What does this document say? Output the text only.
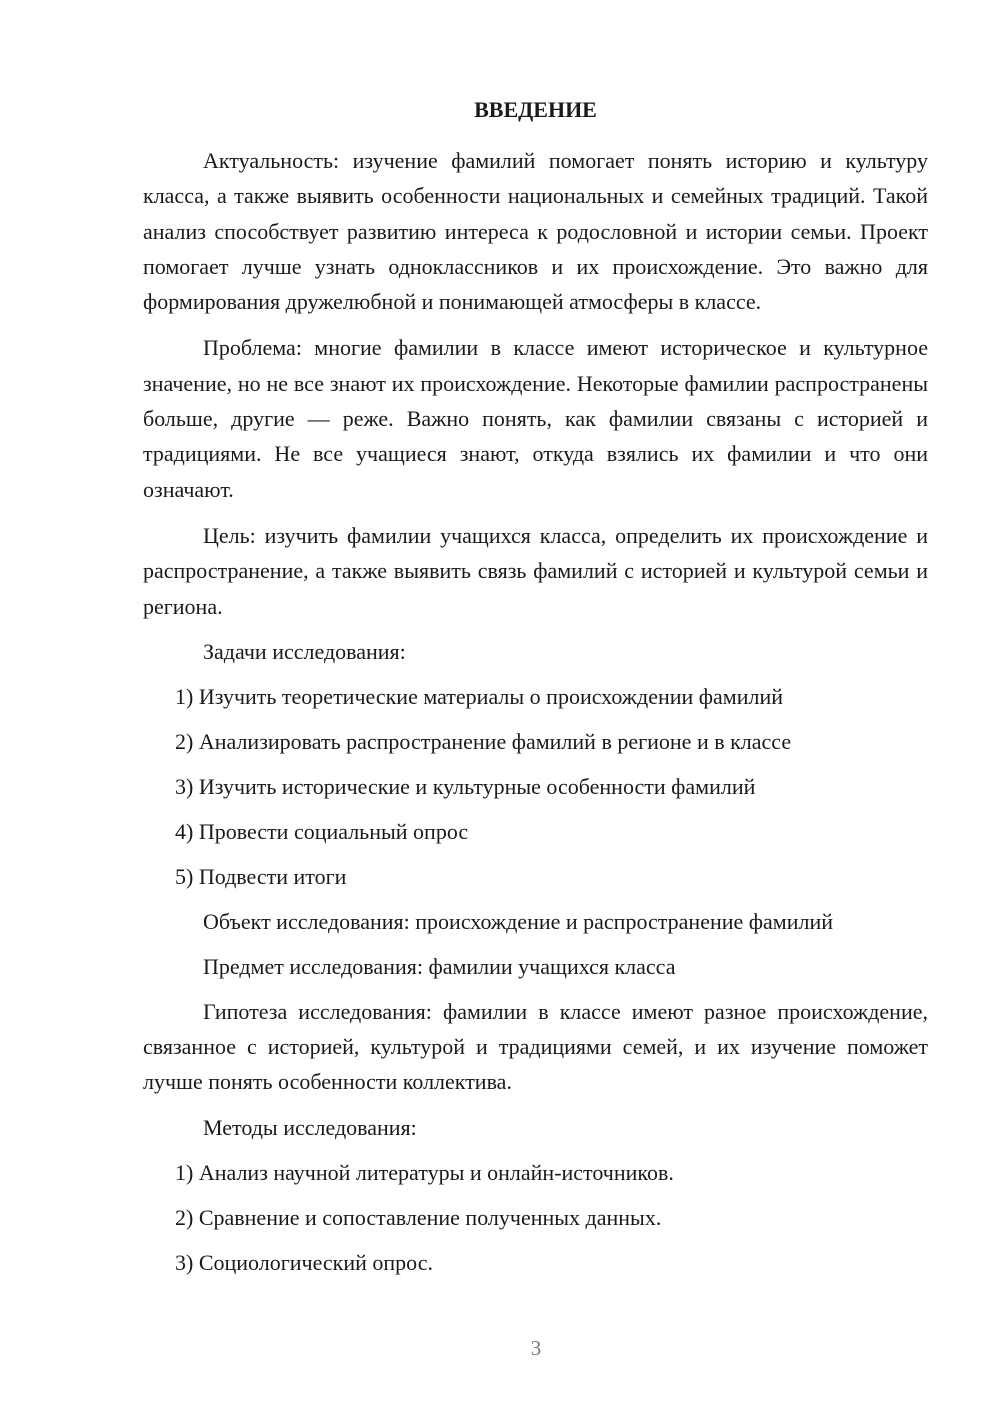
ВВЕДЕНИЕ

Актуальность: изучение фамилий помогает понять историю и культуру класса, а также выявить особенности национальных и семейных традиций. Такой анализ способствует развитию интереса к родословной и истории семьи. Проект помогает лучше узнать одноклассников и их происхождение. Это важно для формирования дружелюбной и понимающей атмосферы в классе.

Проблема: многие фамилии в классе имеют историческое и культурное значение, но не все знают их происхождение. Некоторые фамилии распространены больше, другие — реже. Важно понять, как фамилии связаны с историей и традициями. Не все учащиеся знают, откуда взялись их фамилии и что они означают.

Цель: изучить фамилии учащихся класса, определить их происхождение и распространение, а также выявить связь фамилий с историей и культурой семьи и региона.

Задачи исследования:

1) Изучить теоретические материалы о происхождении фамилий

2) Анализировать распространение фамилий в регионе и в классе

3) Изучить исторические и культурные особенности фамилий

4) Провести социальный опрос

5) Подвести итоги

Объект исследования: происхождение и распространение фамилий

Предмет исследования: фамилии учащихся класса

Гипотеза исследования: фамилии в классе имеют разное происхождение, связанное с историей, культурой и традициями семей, и их изучение поможет лучше понять особенности коллектива.

Методы исследования:

1) Анализ научной литературы и онлайн-источников.

2) Сравнение и сопоставление полученных данных.

3) Социологический опрос.

3
